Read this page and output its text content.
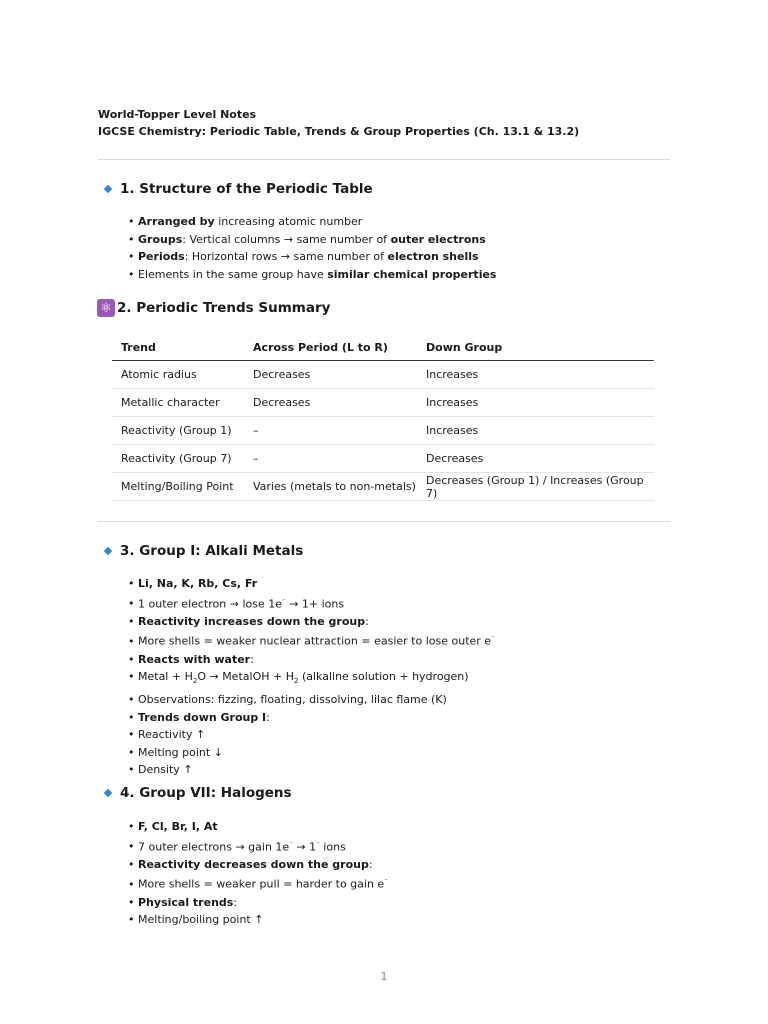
World-Topper Level Notes
IGCSE Chemistry: Periodic Table, Trends & Group Properties (Ch. 13.1 & 13.2)
1. Structure of the Periodic Table
• Arranged by increasing atomic number
• Groups: Vertical columns → same number of outer electrons
• Periods: Horizontal rows → same number of electron shells
• Elements in the same group have similar chemical properties
⚛ 2. Periodic Trends Summary
Trend	Across Period (L to R)	Down Group
Atomic radius	Decreases	Increases
Metallic character	Decreases	Increases
Reactivity (Group 1)	–	Increases
Reactivity (Group 7)	–	Decreases
Melting/Boiling Point	Varies (metals to non-metals)	Decreases (Group 1) / Increases (Group 7)
3. Group I: Alkali Metals
• Li, Na, K, Rb, Cs, Fr
• 1 outer electron → lose 1e⁻ → 1+ ions
• Reactivity increases down the group:
• More shells = weaker nuclear attraction = easier to lose outer e⁻
• Reacts with water:
• Metal + $H_2O$ → MetalOH + $H_2$ (alkaline solution + hydrogen)
• Observations: fizzing, floating, dissolving, lilac flame (K)
• Trends down Group I:
• Reactivity ↑
• Melting point ↓
• Density ↑
4. Group VII: Halogens
• F, Cl, Br, I, At
• 7 outer electrons → gain 1e⁻ → 1⁻ ions
• Reactivity decreases down the group:
• More shells = weaker pull = harder to gain e⁻
• Physical trends:
• Melting/boiling point ↑
1
